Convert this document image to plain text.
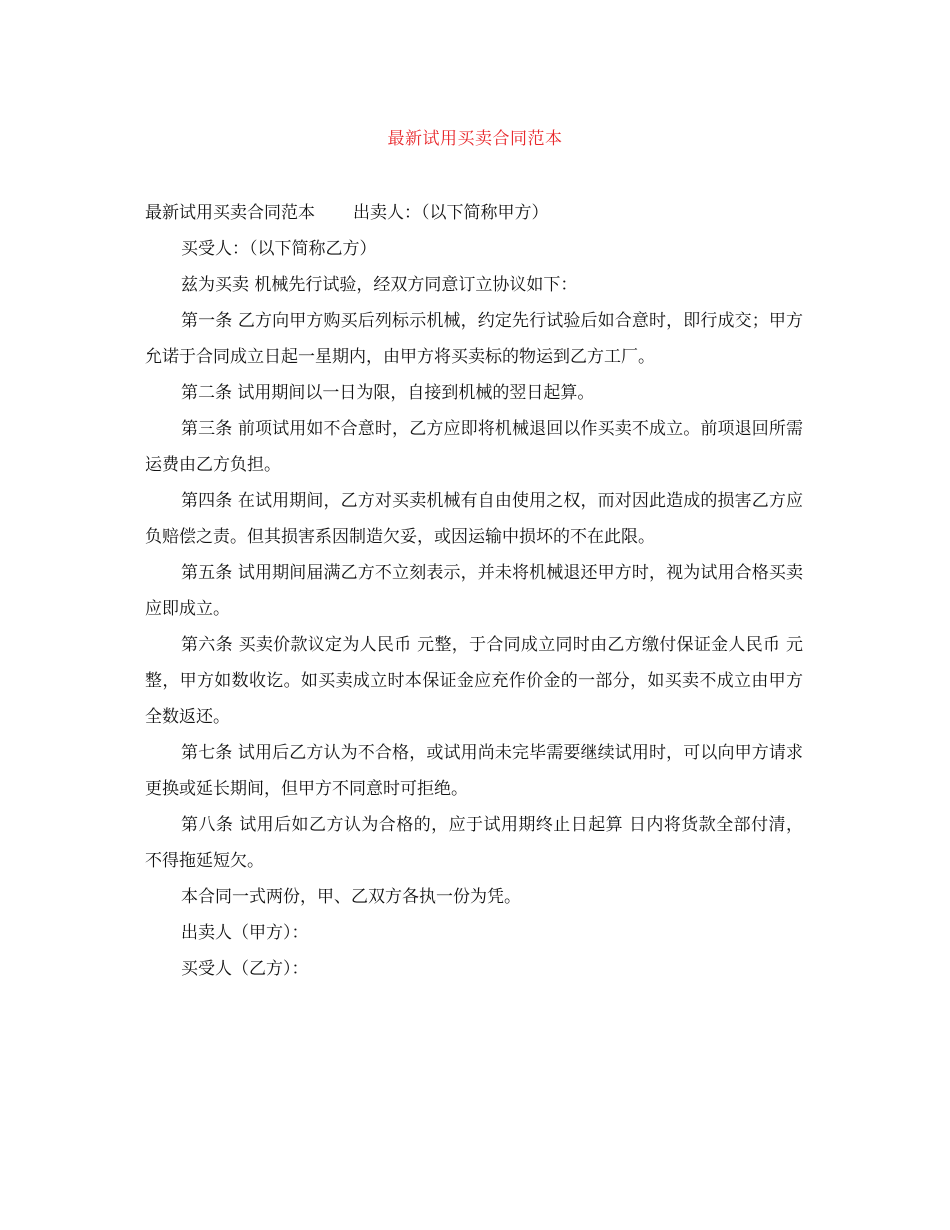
最新试用买卖合同范本

最新试用买卖合同范本 出卖人：（以下简称甲方）

买受人：（以下简称乙方）

兹为买卖 机械先行试验，经双方同意订立协议如下：

第一条 乙方向甲方购买后列标示机械，约定先行试验后如合意时，即行成交；甲方允诺于合同成立日起一星期内，由甲方将买卖标的物运到乙方工厂。

第二条 试用期间以一日为限，自接到机械的翌日起算。

第三条 前项试用如不合意时，乙方应即将机械退回以作买卖不成立。前项退回所需运费由乙方负担。

第四条 在试用期间，乙方对买卖机械有自由使用之权，而对因此造成的损害乙方应负赔偿之责。但其损害系因制造欠妥，或因运输中损坏的不在此限。

第五条 试用期间届满乙方不立刻表示，并未将机械退还甲方时，视为试用合格买卖应即成立。

第六条 买卖价款议定为人民币 元整，于合同成立同时由乙方缴付保证金人民币 元整，甲方如数收讫。如买卖成立时本保证金应充作价金的一部分，如买卖不成立由甲方全数返还。

第七条 试用后乙方认为不合格，或试用尚未完毕需要继续试用时，可以向甲方请求更换或延长期间，但甲方不同意时可拒绝。

第八条 试用后如乙方认为合格的，应于试用期终止日起算 日内将货款全部付清，不得拖延短欠。

本合同一式两份，甲、乙双方各执一份为凭。

出卖人（甲方）：

买受人（乙方）：
